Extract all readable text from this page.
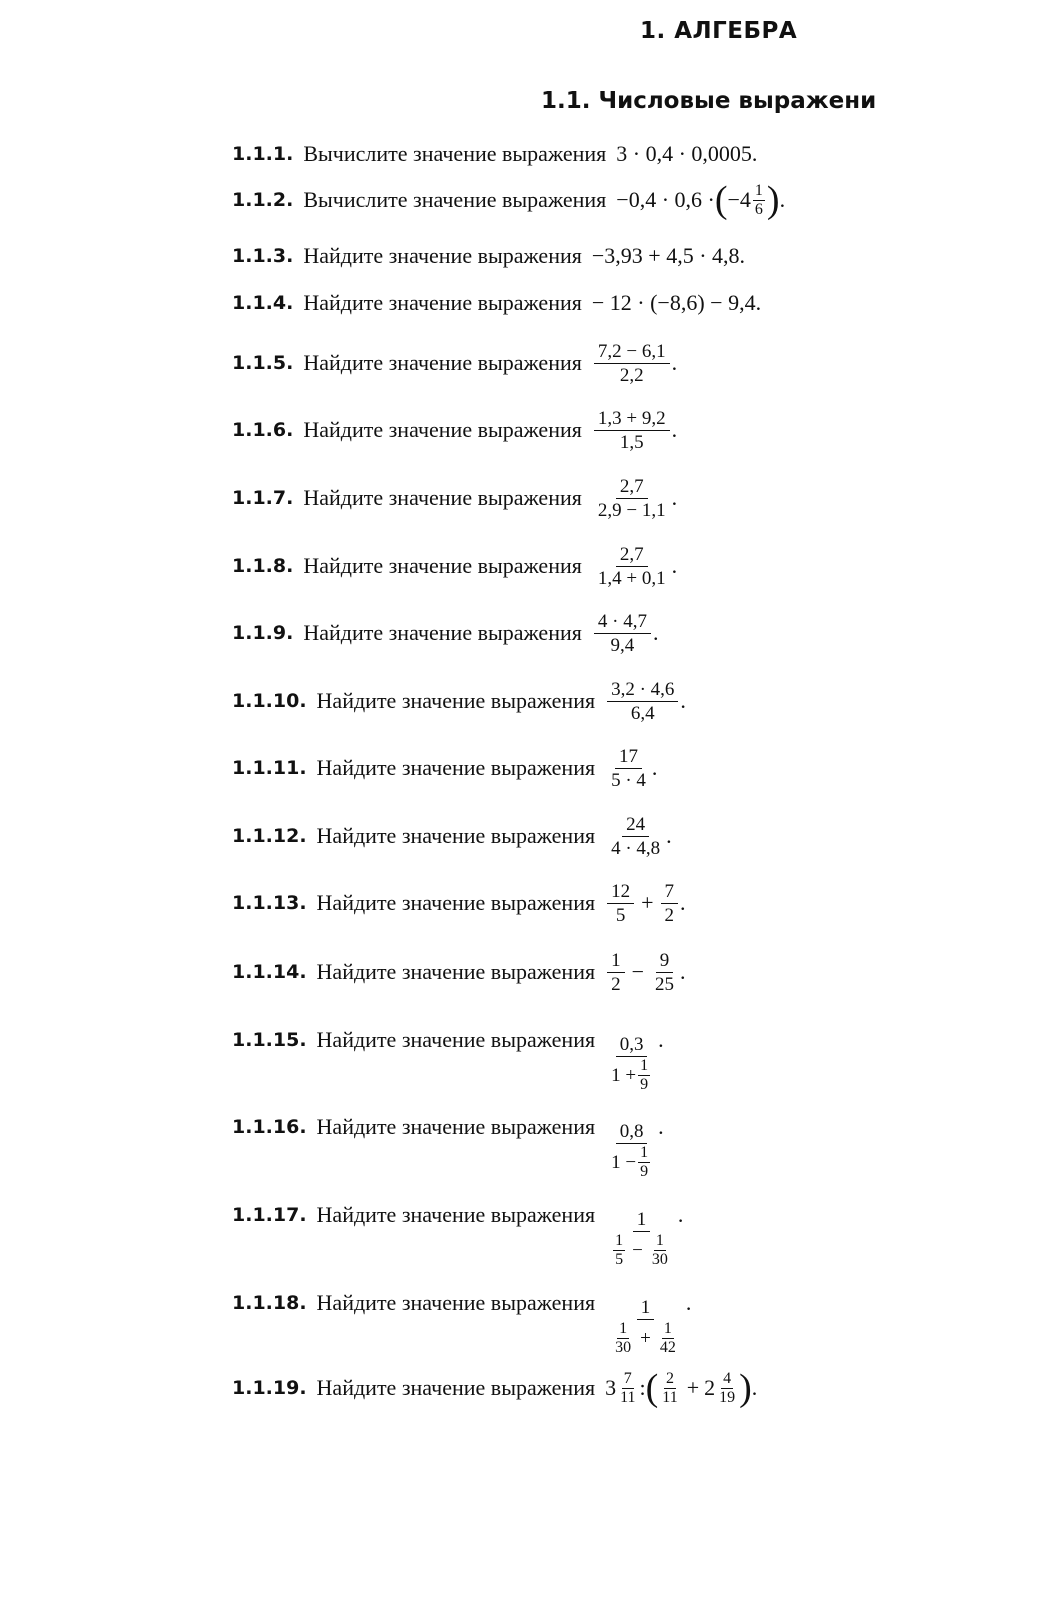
1. АЛГЕБРА
1.1. Числовые выражени
1.1.1. Вычислите значение выражения 3 · 0,4 · 0,0005.
1.1.2. Вычислите значение выражения −0,4 · 0,6 · ( $-4 \frac{1}{6}$ ) .
1.1.3. Найдите значение выражения −3,93 + 4,5 · 4,8.
1.1.4. Найдите значение выражения − 12 · (−8,6) − 9,4.
1.1.5. Найдите значение выражения $\frac{7,2 - 6,1}{2,2}$ .
1.1.6. Найдите значение выражения $\frac{1,3 + 9,2}{1,5}$ .
1.1.7. Найдите значение выражения $\frac{2,7}{2,9 - 1,1}$ .
1.1.8. Найдите значение выражения $\frac{2,7}{1,4 + 0,1}$ .
1.1.9. Найдите значение выражения $\frac{4 \cdot 4,7}{9,4}$ .
1.1.10. Найдите значение выражения $\frac{3,2 \cdot 4,6}{6,4}$ .
1.1.11. Найдите значение выражения $\frac{17}{5 \cdot 4}$ .
1.1.12. Найдите значение выражения $\frac{24}{4 \cdot 4,8}$ .
1.1.13. Найдите значение выражения $\frac{12}{5} + \frac{7}{2}$ .
1.1.14. Найдите значение выражения $\frac{1}{2} - \frac{9}{25}$ .
1.1.15. Найдите значение выражения $\frac{0,3}{1 + \frac{1}{9}}$ .
1.1.16. Найдите значение выражения $\frac{0,8}{1 - \frac{1}{9}}$ .
1.1.17. Найдите значение выражения 1
$\frac{1}{5} - \frac{1}{30}$
.
1.1.18. Найдите значение выражения 1
$\frac{1}{30} + \frac{1}{42}$
.
1.1.19. Найдите значение выражения $3 \frac{7}{11}$ : ( $\frac{2}{11} + 2 \frac{4}{19}$ ) .
